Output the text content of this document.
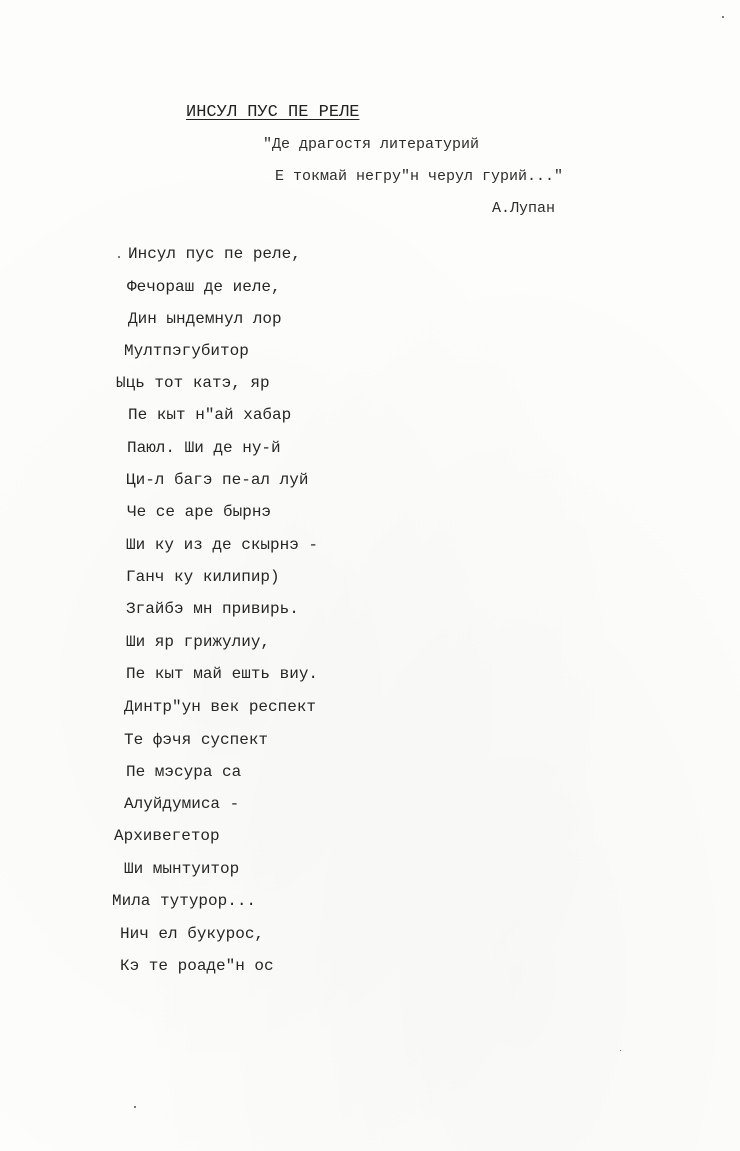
ИНСУЛ ПУС ПЕ РЕЛЕ
"Де драгостя литературий
Е токмай негру"н черул гурий..."
А.Лупан
Инсул пус пе реле,
Фечораш де иеле,
Дин ындемнул лор
Мултпэгубитор
Ыць тот катэ, яр
Пе кыт н"ай хабар
Паюл. Ши де ну-й
Ци-л багэ пе-ал луй
Че се аре бырнэ
Ши ку из де скырнэ -
Ганч ку килипир)
Згайбэ мн привирь.
Ши яр грижулиу,
Пе кыт май ешть виу.
Динтр"ун век респект
Те фэчя суспект
Пе мэсура са
Алуйдумиса -
Архивегетор
Ши мынтуитор
Мила тутурор...
Нич ел букурос,
Кэ те роаде"н ос
